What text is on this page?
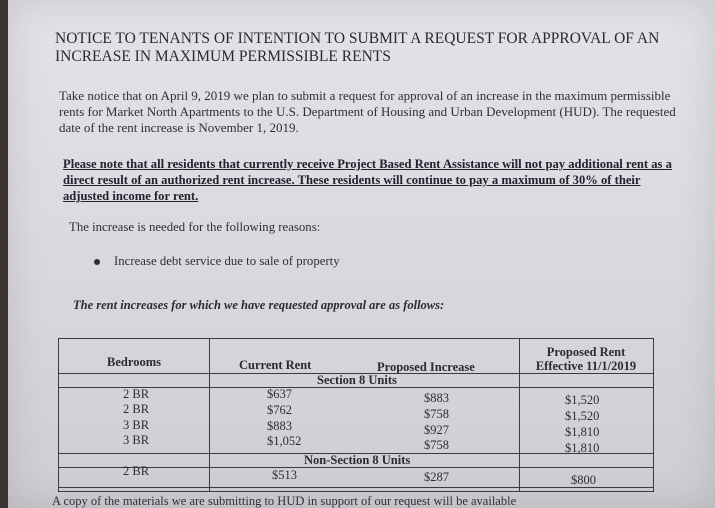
NOTICE TO TENANTS OF INTENTION TO SUBMIT A REQUEST FOR APPROVAL OF AN INCREASE IN MAXIMUM PERMISSIBLE RENTS

Take notice that on April 9, 2019 we plan to submit a request for approval of an increase in the maximum permissible rents for Market North Apartments to the U.S. Department of Housing and Urban Development (HUD). The requested date of the rent increase is November 1, 2019.

Please note that all residents that currently receive Project Based Rent Assistance will not pay additional rent as a direct result of an authorized rent increase. These residents will continue to pay a maximum of 30% of their adjusted income for rent.

The increase is needed for the following reasons:

Increase debt service due to sale of property

The rent increases for which we have requested approval are as follows:

Bedrooms	Current Rent	Proposed Increase
Proposed Rent
Effective 11/1/2019
Section 8 Units
2 BR	$637	$883	$1,520
2 BR	$762	$758	$1,520
3 BR	$883	$927	$1,810
3 BR	$1,052	$758	$1,810
Non-Section 8 Units
2 BR	$513	$287	$800
A copy of the materials we are submitting to HUD in support of our request will be available
